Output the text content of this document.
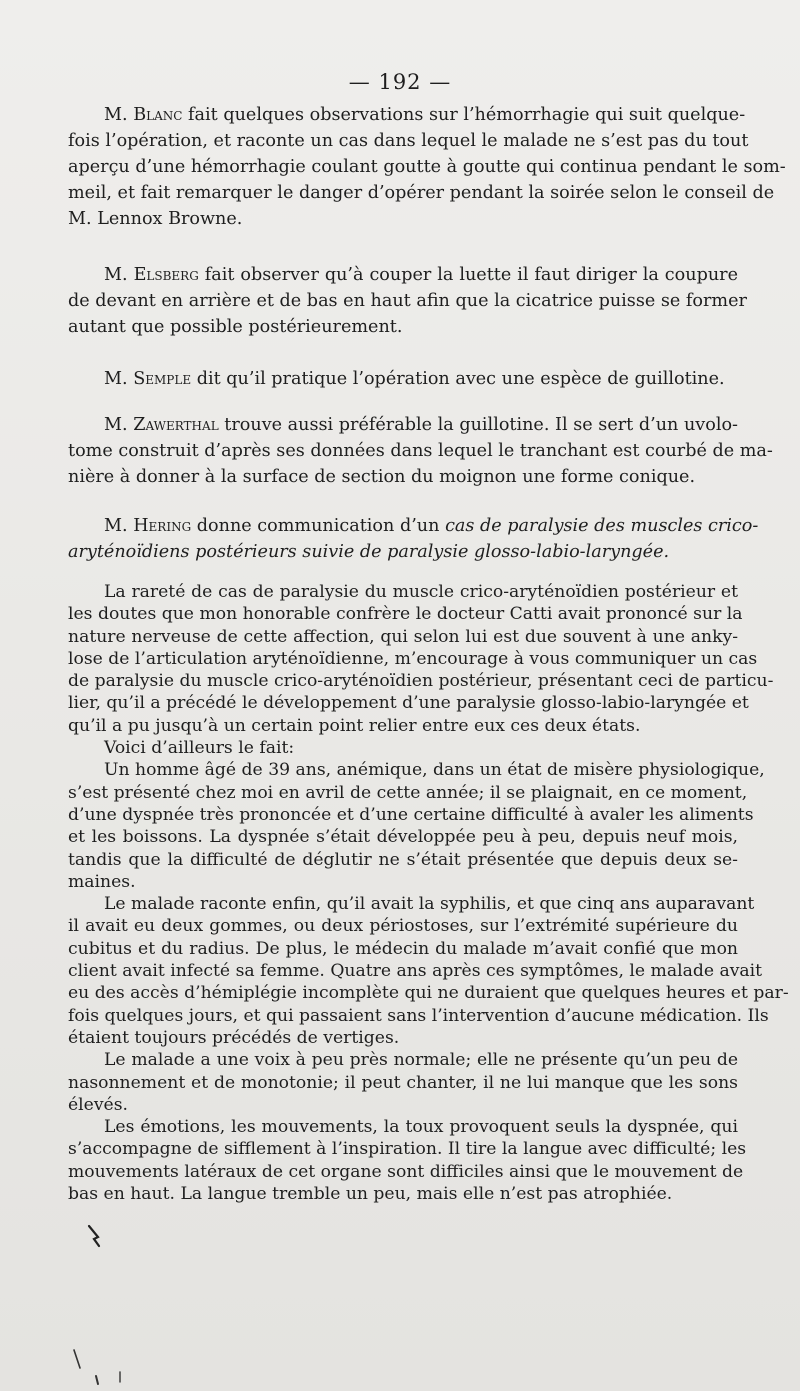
— 192 —
M. Blanc fait quelques observations sur l’hémorrhagie qui suit quelque-
fois l’opération, et raconte un cas dans lequel le malade ne s’est pas du tout
aperçu d’une hémorrhagie coulant goutte à goutte qui continua pendant le som-
meil, et fait remarquer le danger d’opérer pendant la soirée selon le conseil de
M. Lennox Browne.
M. Elsberg fait observer qu’à couper la luette il faut diriger la coupure
de devant en arrière et de bas en haut afin que la cicatrice puisse se former
autant que possible postérieurement.
M. Semple dit qu’il pratique l’opération avec une espèce de guillotine.
M. Zawerthal trouve aussi préférable la guillotine. Il se sert d’un uvolo-
tome construit d’après ses données dans lequel le tranchant est courbé de ma-
nière à donner à la surface de section du moignon une forme conique.
M. Hering donne communication d’un cas de paralysie des muscles crico-
aryténoïdiens postérieurs suivie de paralysie glosso-labio-laryngée.
La rareté de cas de paralysie du muscle crico-aryténoïdien postérieur et
les doutes que mon honorable confrère le docteur Catti avait prononcé sur la
nature nerveuse de cette affection, qui selon lui est due souvent à une anky-
lose de l’articulation aryténoïdienne, m’encourage à vous communiquer un cas
de paralysie du muscle crico-aryténoïdien postérieur, présentant ceci de particu-
lier, qu’il a précédé le développement d’une paralysie glosso-labio-laryngée et
qu’il a pu jusqu’à un certain point relier entre eux ces deux états.
Voici d’ailleurs le fait:
Un homme âgé de 39 ans, anémique, dans un état de misère physiologique,
s’est présenté chez moi en avril de cette année; il se plaignait, en ce moment,
d’une dyspnée très prononcée et d’une certaine difficulté à avaler les aliments
et les boissons. La dyspnée s’était développée peu à peu, depuis neuf mois,
tandis que la difficulté de déglutir ne s’était présentée que depuis deux se-
maines.
Le malade raconte enfin, qu’il avait la syphilis, et que cinq ans auparavant
il avait eu deux gommes, ou deux périostoses, sur l’extrémité supérieure du
cubitus et du radius. De plus, le médecin du malade m’avait confié que mon
client avait infecté sa femme. Quatre ans après ces symptômes, le malade avait
eu des accès d’hémiplégie incomplète qui ne duraient que quelques heures et par-
fois quelques jours, et qui passaient sans l’intervention d’aucune médication. Ils
étaient toujours précédés de vertiges.
Le malade a une voix à peu près normale; elle ne présente qu’un peu de
nasonnement et de monotonie; il peut chanter, il ne lui manque que les sons
élevés.
Les émotions, les mouvements, la toux provoquent seuls la dyspnée, qui
s’accompagne de sifflement à l’inspiration. Il tire la langue avec difficulté; les
mouvements latéraux de cet organe sont difficiles ainsi que le mouvement de
bas en haut. La langue tremble un peu, mais elle n’est pas atrophiée.
